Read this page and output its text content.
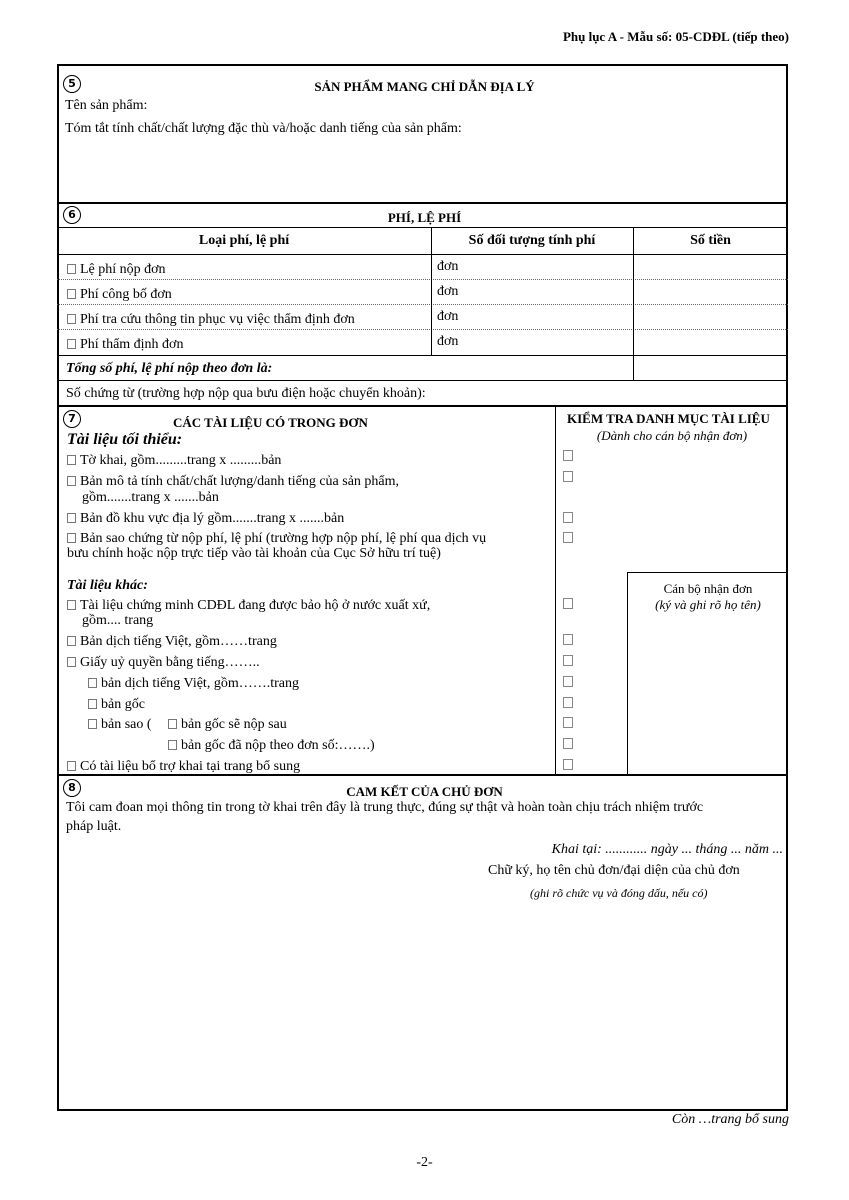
Phụ lục A - Mẫu số: 05-CDĐL (tiếp theo)
5	SẢN PHẨM MANG CHỈ DẪN ĐỊA LÝ
Tên sản phẩm:
Tóm tắt tính chất/chất lượng đặc thù và/hoặc danh tiếng của sản phẩm:
6	PHÍ, LỆ PHÍ
Loại phí, lệ phí	Số đối tượng tính phí	Số tiền
Lệ phí nộp đơn	đơn
Phí công bố đơn	đơn
Phí tra cứu thông tin phục vụ việc thẩm định đơn	đơn
Phí thẩm định đơn	đơn
Tổng số phí, lệ phí nộp theo đơn là:
Số chứng từ (trường hợp nộp qua bưu điện hoặc chuyển khoản):
7	CÁC TÀI LIỆU CÓ TRONG ĐƠN	KIỂM TRA DANH MỤC TÀI LIỆU
(Dành cho cán bộ nhận đơn)
Tài liệu tối thiểu:
Tờ khai, gồm.........trang x .........bản
Bản mô tả tính chất/chất lượng/danh tiếng của sản phẩm,
gồm.......trang x .......bản
Bản đồ khu vực địa lý gồm.......trang x .......bản
Bản sao chứng từ nộp phí, lệ phí (trường hợp nộp phí, lệ phí qua dịch vụ
bưu chính hoặc nộp trực tiếp vào tài khoản của Cục Sở hữu trí tuệ)
Tài liệu khác:
Tài liệu chứng minh CDĐL đang được bảo hộ ở nước xuất xứ,
gồm.... trang
Bản dịch tiếng Việt, gồm……trang
Giấy uỷ quyền bằng tiếng……..
bản dịch tiếng Việt, gồm…….trang
bản gốc
bản sao (	bản gốc sẽ nộp sau
bản gốc đã nộp theo đơn số:…….)
Có tài liệu bổ trợ khai tại trang bổ sung
Cán bộ nhận đơn
(ký và ghi rõ họ tên)
8	CAM KẾT CỦA CHỦ ĐƠN
Tôi cam đoan mọi thông tin trong tờ khai trên đây là trung thực, đúng sự thật và hoàn toàn chịu trách nhiệm trước
pháp luật.
Khai tại: ............ ngày ... tháng ... năm ...
Chữ ký, họ tên chủ đơn/đại diện của chủ đơn
(ghi rõ chức vụ và đóng dấu, nếu có)
Còn …trang bổ sung
-2-
